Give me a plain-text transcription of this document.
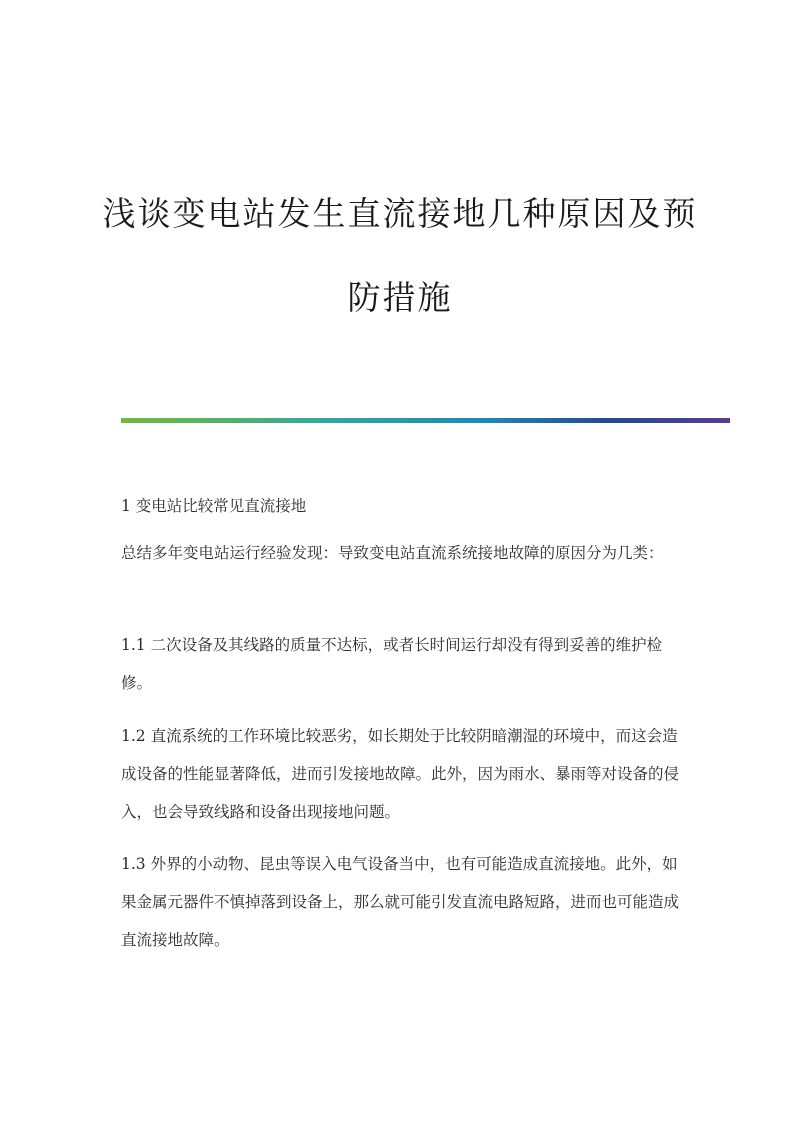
浅谈变电站发生直流接地几种原因及预
防措施

1 变电站比较常见直流接地

总结多年变电站运行经验发现：导致变电站直流系统接地故障的原因分为几类：

1.1 二次设备及其线路的质量不达标，或者长时间运行却没有得到妥善的维护检修。

1.2 直流系统的工作环境比较恶劣，如长期处于比较阴暗潮湿的环境中，而这会造成设备的性能显著降低，进而引发接地故障。此外，因为雨水、暴雨等对设备的侵入，也会导致线路和设备出现接地问题。

1.3 外界的小动物、昆虫等误入电气设备当中，也有可能造成直流接地。此外，如果金属元器件不慎掉落到设备上，那么就可能引发直流电路短路，进而也可能造成直流接地故障。
